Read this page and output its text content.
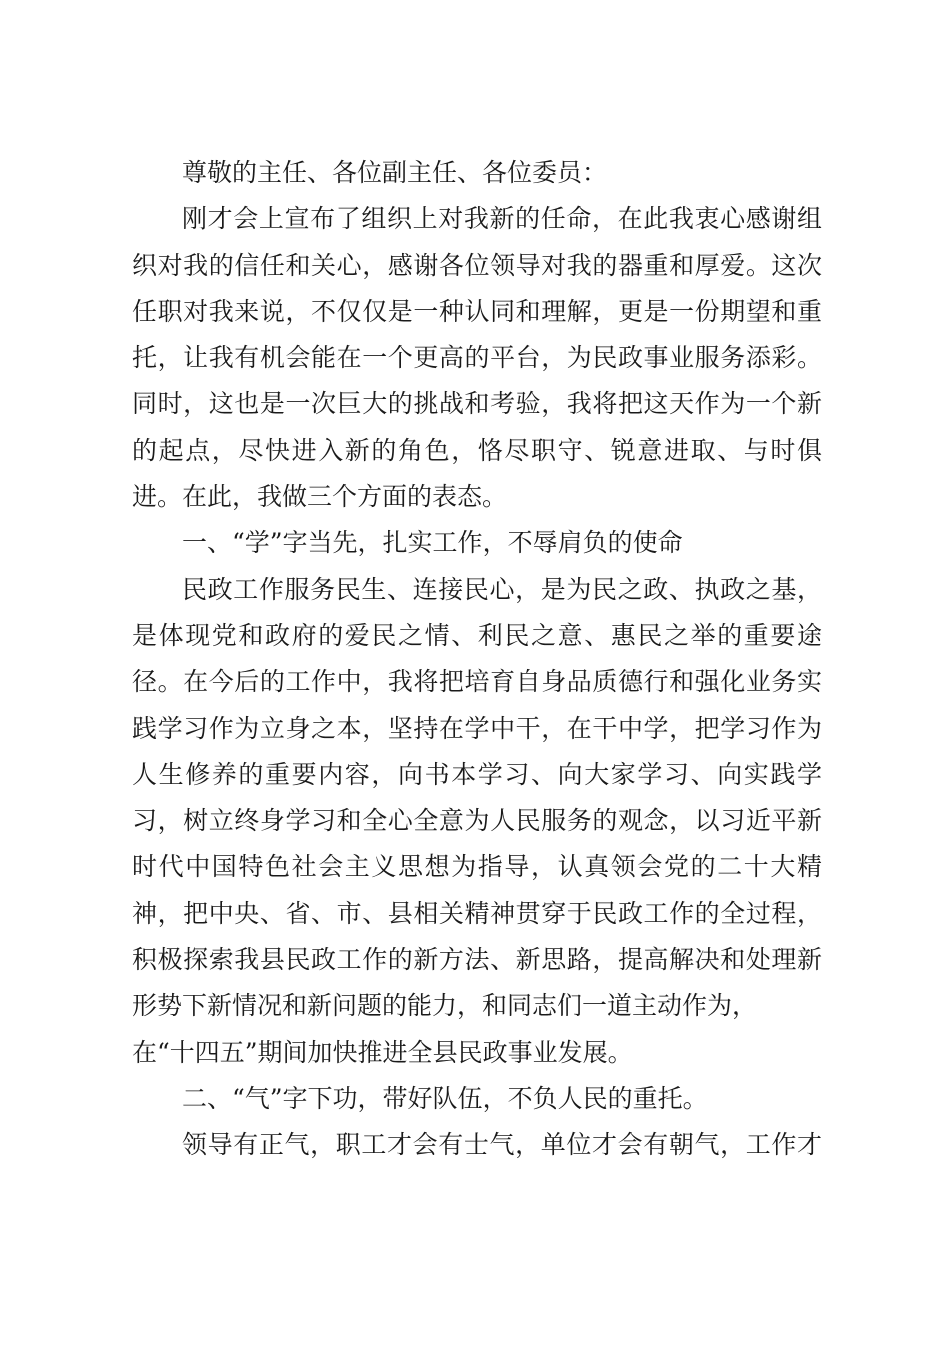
尊敬的主任、各位副主任、各位委员：
刚才会上宣布了组织上对我新的任命，在此我衷心感谢组
织对我的信任和关心，感谢各位领导对我的器重和厚爱。这次
任职对我来说，不仅仅是一种认同和理解，更是一份期望和重
托，让我有机会能在一个更高的平台，为民政事业服务添彩。
同时，这也是一次巨大的挑战和考验，我将把这天作为一个新
的起点，尽快进入新的角色，恪尽职守、锐意进取、与时俱
进。在此，我做三个方面的表态。
一、“学”字当先，扎实工作，不辱肩负的使命
民政工作服务民生、连接民心，是为民之政、执政之基，
是体现党和政府的爱民之情、利民之意、惠民之举的重要途
径。在今后的工作中，我将把培育自身品质德行和强化业务实
践学习作为立身之本，坚持在学中干，在干中学，把学习作为
人生修养的重要内容，向书本学习、向大家学习、向实践学
习，树立终身学习和全心全意为人民服务的观念，以习近平新
时代中国特色社会主义思想为指导，认真领会党的二十大精
神，把中央、省、市、县相关精神贯穿于民政工作的全过程，
积极探索我县民政工作的新方法、新思路，提高解决和处理新
形势下新情况和新问题的能力，和同志们一道主动作为，
在“十四五”期间加快推进全县民政事业发展。
二、“气”字下功，带好队伍，不负人民的重托。
领导有正气，职工才会有士气，单位才会有朝气，工作才
